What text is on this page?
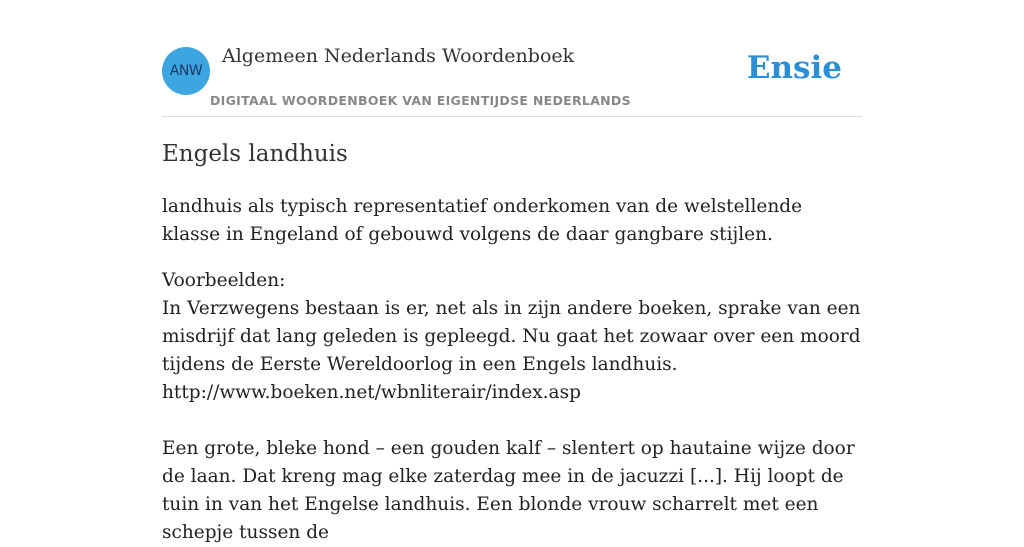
ANW
Algemeen Nederlands Woordenboek
DIGITAAL WOORDENBOEK VAN EIGENTIJDSE NEDERLANDS
Ensie
Engels landhuis
landhuis als typisch representatief onderkomen van de welstellende klasse in Engeland of gebouwd volgens de daar gangbare stijlen.

Voorbeelden:

In Verzwegens bestaan is er, net als in zijn andere boeken, sprake van een misdrijf dat lang geleden is gepleegd. Nu gaat het zowaar over een moord tijdens de Eerste Wereldoorlog in een Engels landhuis.

http://www.boeken.net/wbnliterair/index.asp

Een grote, bleke hond – een gouden kalf – slentert op hautaine wijze door de laan. Dat kreng mag elke zaterdag mee in de jacuzzi [...]. Hij loopt de tuin in van het Engelse landhuis. Een blonde vrouw scharrelt met een schepje tussen de
